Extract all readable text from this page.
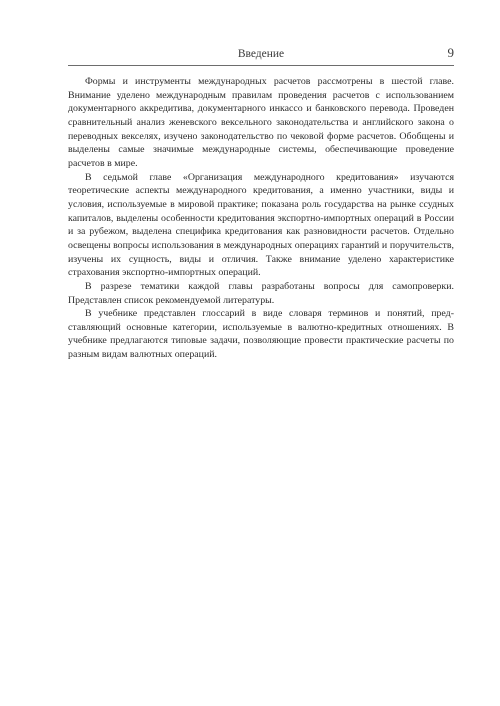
Введение	9

Формы и инструменты международных расчетов рассмотрены в шестой главе. Внимание уделено международным правилам проведения расчетов с использованием документарного аккредитива, документарного инкассо и банковского перевода. Проведен сравнительный анализ женевского вексельного законодательства и английского закона о переводных векселях, изучено законодательство по чековой форме расчетов. Обобщены и выделены самые значимые международные системы, обеспечивающие проведение расчетов в мире.

В седьмой главе «Организация международного кредитования» изучаются теоретические аспекты международного кредитования, а именно участники, виды и условия, используемые в мировой практике; показана роль государства на рынке ссудных капиталов, выделены особенности кредитования экспортно-импортных операций в России и за рубежом, выделена специфика кредитования как разновидности расчетов. Отдельно освещены вопросы использования в международных операциях гарантий и поручительств, изучены их сущность, виды и отличия. Также внимание уделено характеристике страхования экспортно-импортных операций.

В разрезе тематики каждой главы разработаны вопросы для самопроверки. Представлен список рекомендуемой литературы.

В учебнике представлен глоссарий в виде словаря терминов и понятий, представляющий основные категории, используемые в валютно-кредитных отношениях. В учебнике предлагаются типовые задачи, позволяющие провести практические расчеты по разным видам валютных операций.
